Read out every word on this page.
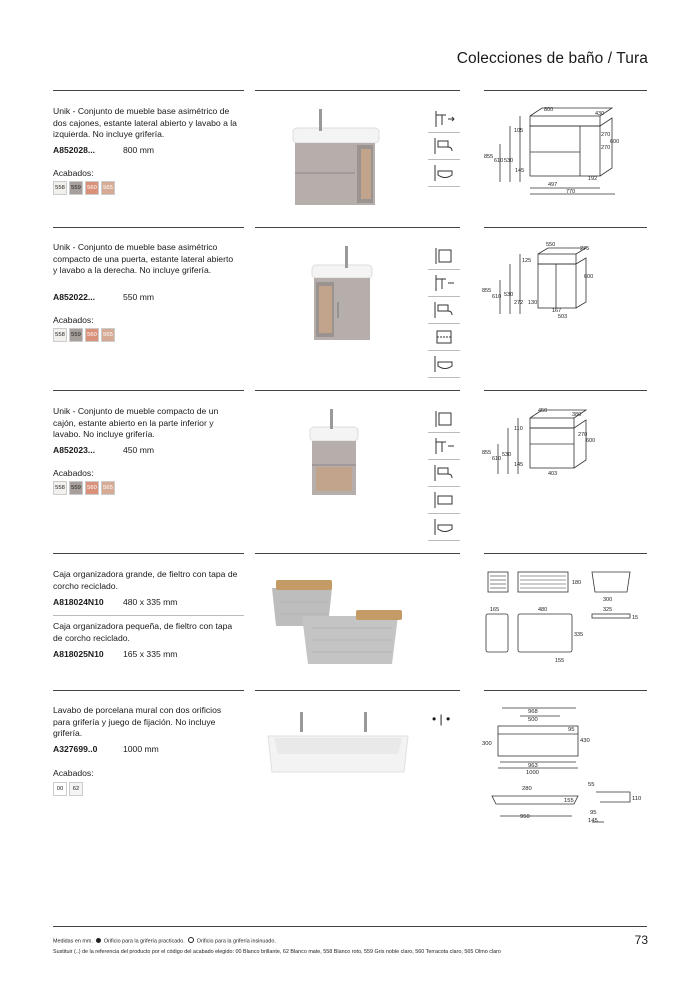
Colecciones de baño / Tura
Unik - Conjunto de mueble base asimétrico de dos cajones, estante lateral abierto y lavabo a la izquierda. No incluye grifería.
A852028...	800 mm
Acabados:
558	559	560	565
800
430
105
855
610 530
145
270
270
600
497
192
770
Unik - Conjunto de mueble base asimétrico compacto de una puerta, estante lateral abierto y lavabo a la derecha. No incluye grifería.
A852022...	550 mm
Acabados:
558	559	560	565
550
275
125
855
610 530
272 130
167
503
600
Unik - Conjunto de mueble compacto de un cajón, estante abierto en la parte inferior y lavabo. No incluye grifería.
A852023...	450 mm
Acabados:
558	559	560	565
450
380
110
855
610
530
145
270
600
403
Caja organizadora grande, de fieltro con tapa de corcho reciclado.
A818024N10 480 x 335 mm
Caja organizadora pequeña, de fieltro con tapa de corcho reciclado.
A818025N10 165 x 335 mm
180
300
325
15
165	480
335
155
Lavabo de porcelana mural con dos orificios para grifería y juego de fijación. No incluye grifería.
A327699..0	1000 mm
Acabados:
00	62
• | •	968
500
95
430
300
963
1000
280
155
950
55
110
95
145
Medidas en mm. Orificio para la grifería practicado. Orificio para la grifería insinuado.
Sustituir (..) de la referencia del producto por el código del acabado elegido: 00 Blanco brillante, 62 Blanco mate, 558 Blanco roto, 559 Gris noble claro, 560 Terracota claro, 565 Olmo claro
73
